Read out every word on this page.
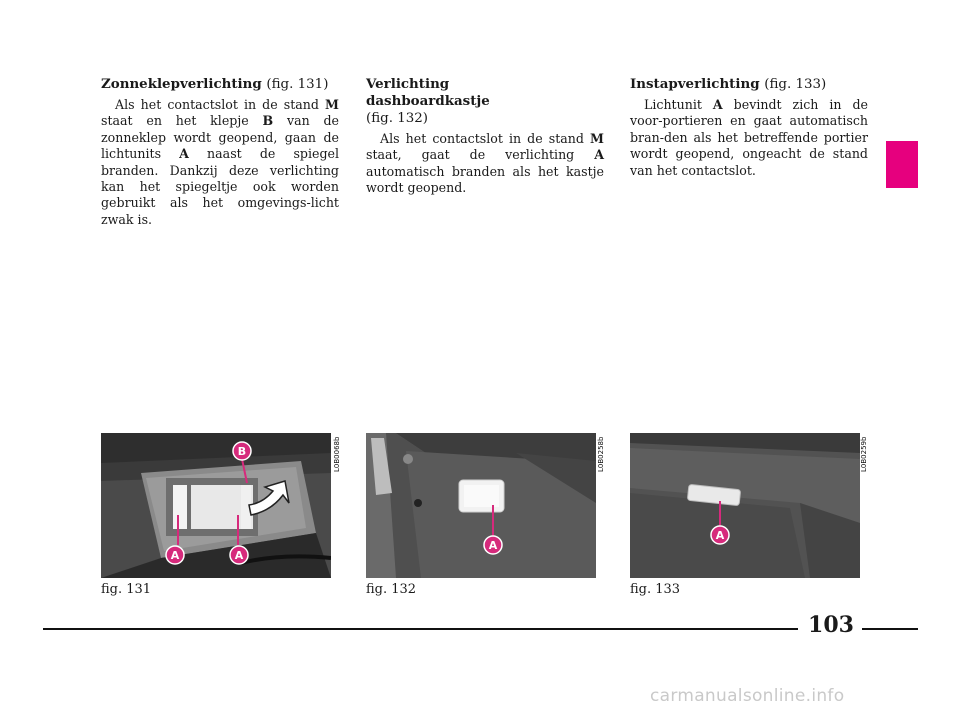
Zonneklepverlichting (fig. 131)

Als het contactslot in de stand M staat en het klepje B van de zonneklep wordt geopend, gaan de lichtunits A naast de spiegel branden. Dankzij deze verlichting kan het spiegeltje ook worden gebruikt als het omgevings-licht zwak is.

Verlichting dashboardkastje
(fig. 132)

Als het contactslot in de stand M staat, gaat de verlichting A automatisch branden als het kastje wordt geopend.

Instapverlichting (fig. 133)

Lichtunit A bevindt zich in de voor-portieren en gaat automatisch bran-den als het betreffende portier wordt geopend, ongeacht de stand van het contactslot.

B
A	A
L0B0068b
fig. 131
A
L0B0258b
fig. 132
A
L0B0259b
fig. 133
103
carmanualsonline.info
